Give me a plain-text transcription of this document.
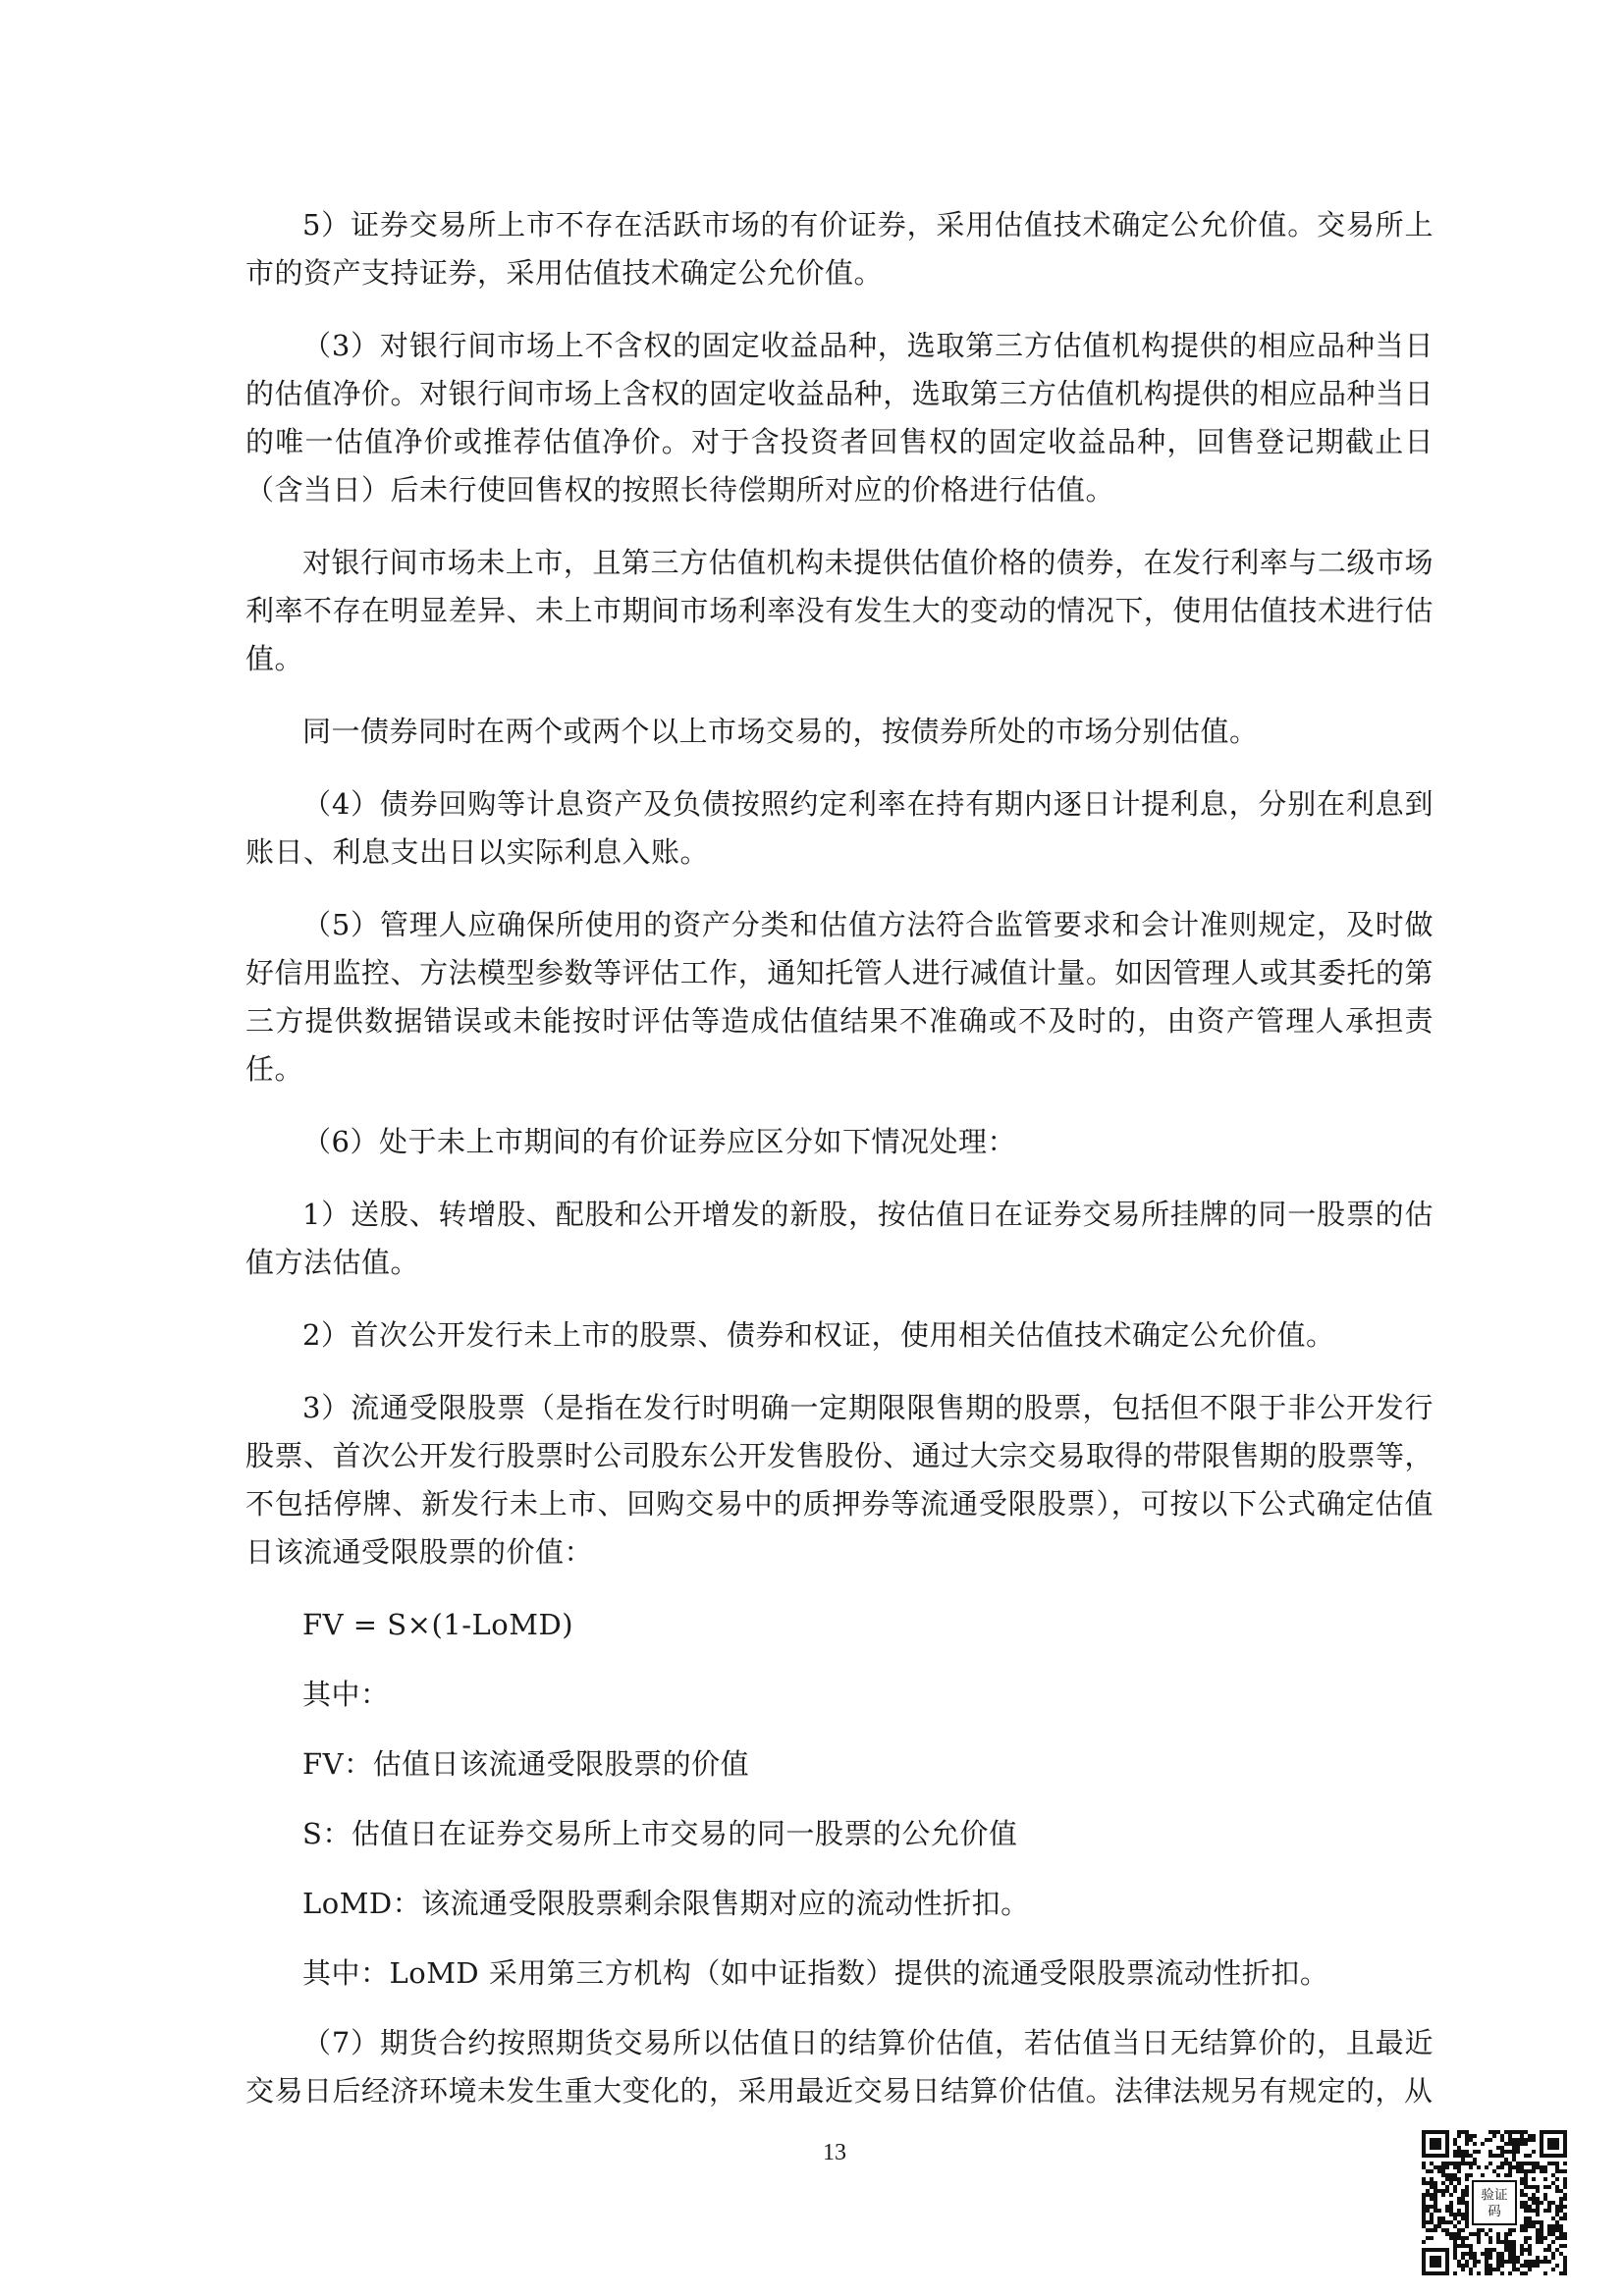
5）证券交易所上市不存在活跃市场的有价证券，采用估值技术确定公允价值。交易所上市的资产支持证券，采用估值技术确定公允价值。

（3）对银行间市场上不含权的固定收益品种，选取第三方估值机构提供的相应品种当日的估值净价。对银行间市场上含权的固定收益品种，选取第三方估值机构提供的相应品种当日的唯一估值净价或推荐估值净价。对于含投资者回售权的固定收益品种，回售登记期截止日（含当日）后未行使回售权的按照长待偿期所对应的价格进行估值。

对银行间市场未上市，且第三方估值机构未提供估值价格的债券，在发行利率与二级市场利率不存在明显差异、未上市期间市场利率没有发生大的变动的情况下，使用估值技术进行估值。

同一债券同时在两个或两个以上市场交易的，按债券所处的市场分别估值。

（4）债券回购等计息资产及负债按照约定利率在持有期内逐日计提利息，分别在利息到账日、利息支出日以实际利息入账。

（5）管理人应确保所使用的资产分类和估值方法符合监管要求和会计准则规定，及时做好信用监控、方法模型参数等评估工作，通知托管人进行减值计量。如因管理人或其委托的第三方提供数据错误或未能按时评估等造成估值结果不准确或不及时的，由资产管理人承担责任。

（6）处于未上市期间的有价证券应区分如下情况处理：

1）送股、转增股、配股和公开增发的新股，按估值日在证券交易所挂牌的同一股票的估值方法估值。

2）首次公开发行未上市的股票、债券和权证，使用相关估值技术确定公允价值。

3）流通受限股票（是指在发行时明确一定期限限售期的股票，包括但不限于非公开发行股票、首次公开发行股票时公司股东公开发售股份、通过大宗交易取得的带限售期的股票等，不包括停牌、新发行未上市、回购交易中的质押券等流通受限股票），可按以下公式确定估值日该流通受限股票的价值：

FV = S×(1-LoMD)

其中：

FV：估值日该流通受限股票的价值

S：估值日在证券交易所上市交易的同一股票的公允价值

LoMD：该流通受限股票剩余限售期对应的流动性折扣。

其中：LoMD 采用第三方机构（如中证指数）提供的流通受限股票流动性折扣。

（7）期货合约按照期货交易所以估值日的结算价估值，若估值当日无结算价的，且最近交易日后经济环境未发生重大变化的，采用最近交易日结算价估值。法律法规另有规定的，从

13
验证
码
